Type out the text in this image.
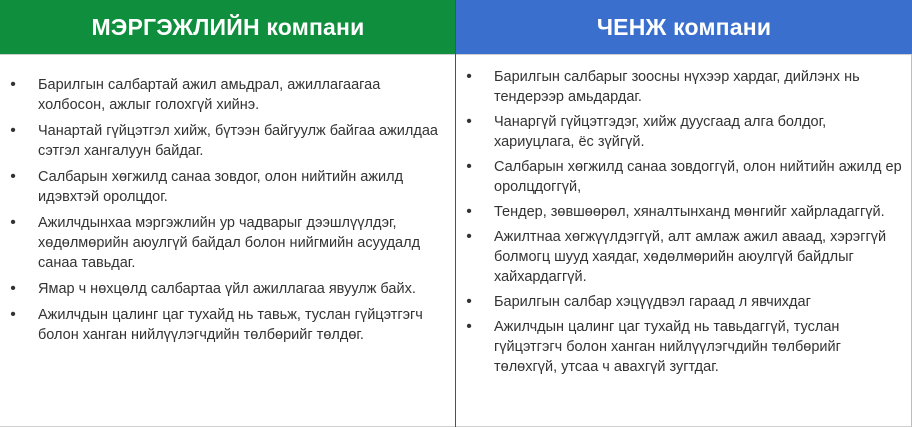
МЭРГЭЖЛИЙН компани	ЧЕНЖ компани
• Барилгын салбартай ажил амьдрал, ажиллагаагаа холбосон, ажлыг голохгүй хийнэ.
• Чанартай гүйцэтгэл хийж, бүтээн байгуулж байгаа ажилдаа сэтгэл хангалуун байдаг.
• Салбарын хөгжилд санаа зовдог, олон нийтийн ажилд идэвхтэй оролцдог.
• Ажилчдынхаа мэргэжлийн ур чадварыг дээшлүүлдэг, хөдөлмөрийн аюулгүй байдал болон нийгмийн асуудалд санаа тавьдаг.
• Ямар ч нөхцөлд салбартаа үйл ажиллагаа явуулж байх.
• Ажилчдын цалинг цаг тухайд нь тавьж, туслан гүйцэтгэгч болон ханган нийлүүлэгчдийн төлбөрийг төлдөг.
• Барилгын салбарыг зоосны нүхээр хардаг, дийлэнх нь тендерээр амьдардаг.
• Чанаргүй гүйцэтгэдэг, хийж дуусгаад алга болдог, хариуцлага, ёс зүйгүй.
• Салбарын хөгжилд санаа зовдоггүй, олон нийтийн ажилд ер оролцдоггүй,
• Тендер, зөвшөөрөл, хяналтынханд мөнгийг хайрладаггүй.
• Ажилтнаа хөгжүүлдэггүй, алт амлаж ажил аваад, хэрэггүй болмогц шууд хаядаг, хөдөлмөрийн аюулгүй байдлыг хайхардаггүй.
• Барилгын салбар хэцүүдвэл гараад л явчихдаг
• Ажилчдын цалинг цаг тухайд нь тавьдаггүй, туслан гүйцэтгэгч болон ханган нийлүүлэгчдийн төлбөрийг төлөхгүй, утсаа ч авахгүй зугтдаг.
